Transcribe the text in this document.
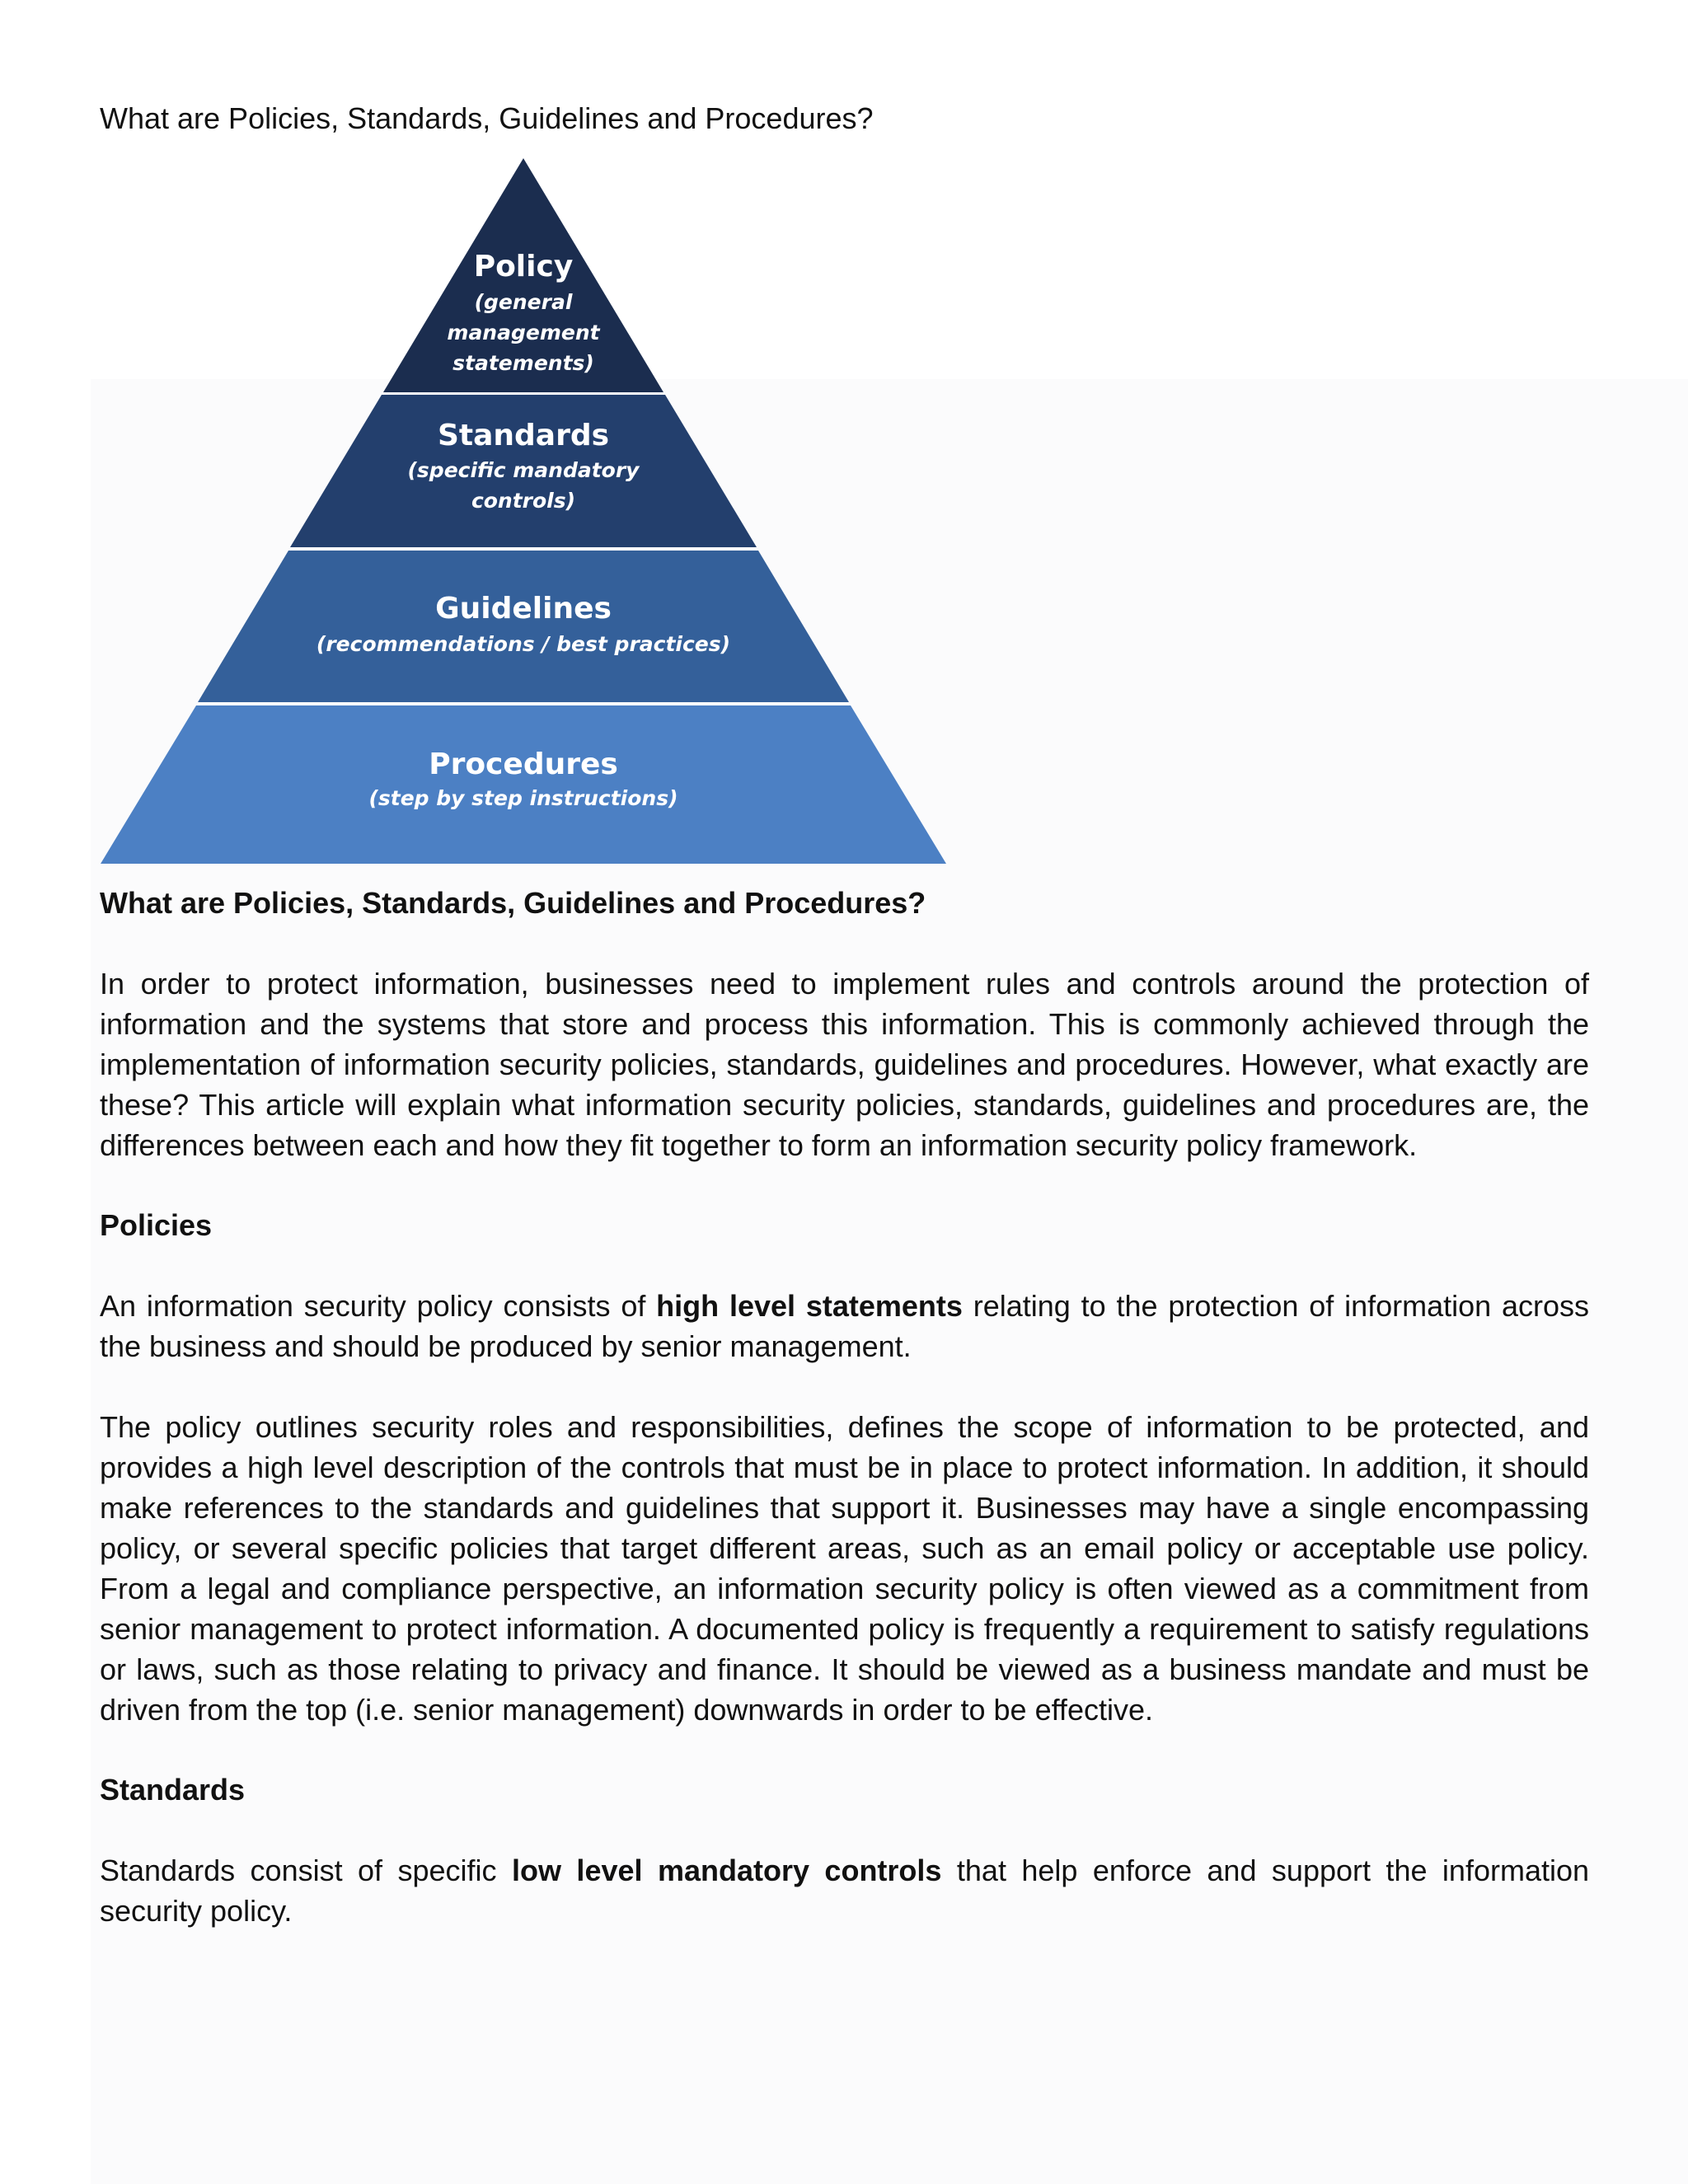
What are Policies, Standards, Guidelines and Procedures?
Policy
(general
management
statements)
Standards
(specific mandatory
controls)
Guidelines
(recommendations / best practices)
Procedures
(step by step instructions)
What are Policies, Standards, Guidelines and Procedures?

In order to protect information, businesses need to implement rules and controls around the protection of information and the systems that store and process this information. This is commonly achieved through the implementation of information security policies, standards, guidelines and procedures. However, what exactly are these? This article will explain what information security policies, standards, guidelines and procedures are, the differences between each and how they fit together to form an information security policy framework.

Policies

An information security policy consists of high level statements relating to the protection of information across the business and should be produced by senior management.

The policy outlines security roles and responsibilities, defines the scope of information to be protected, and provides a high level description of the controls that must be in place to protect information. In addition, it should make references to the standards and guidelines that support it. Businesses may have a single encompassing policy, or several specific policies that target different areas, such as an email policy or acceptable use policy. From a legal and compliance perspective, an information security policy is often viewed as a commitment from senior management to protect information. A documented policy is frequently a requirement to satisfy regulations or laws, such as those relating to privacy and finance. It should be viewed as a business mandate and must be driven from the top (i.e. senior management) downwards in order to be effective.

Standards

Standards consist of specific low level mandatory controls that help enforce and support the information security policy.
